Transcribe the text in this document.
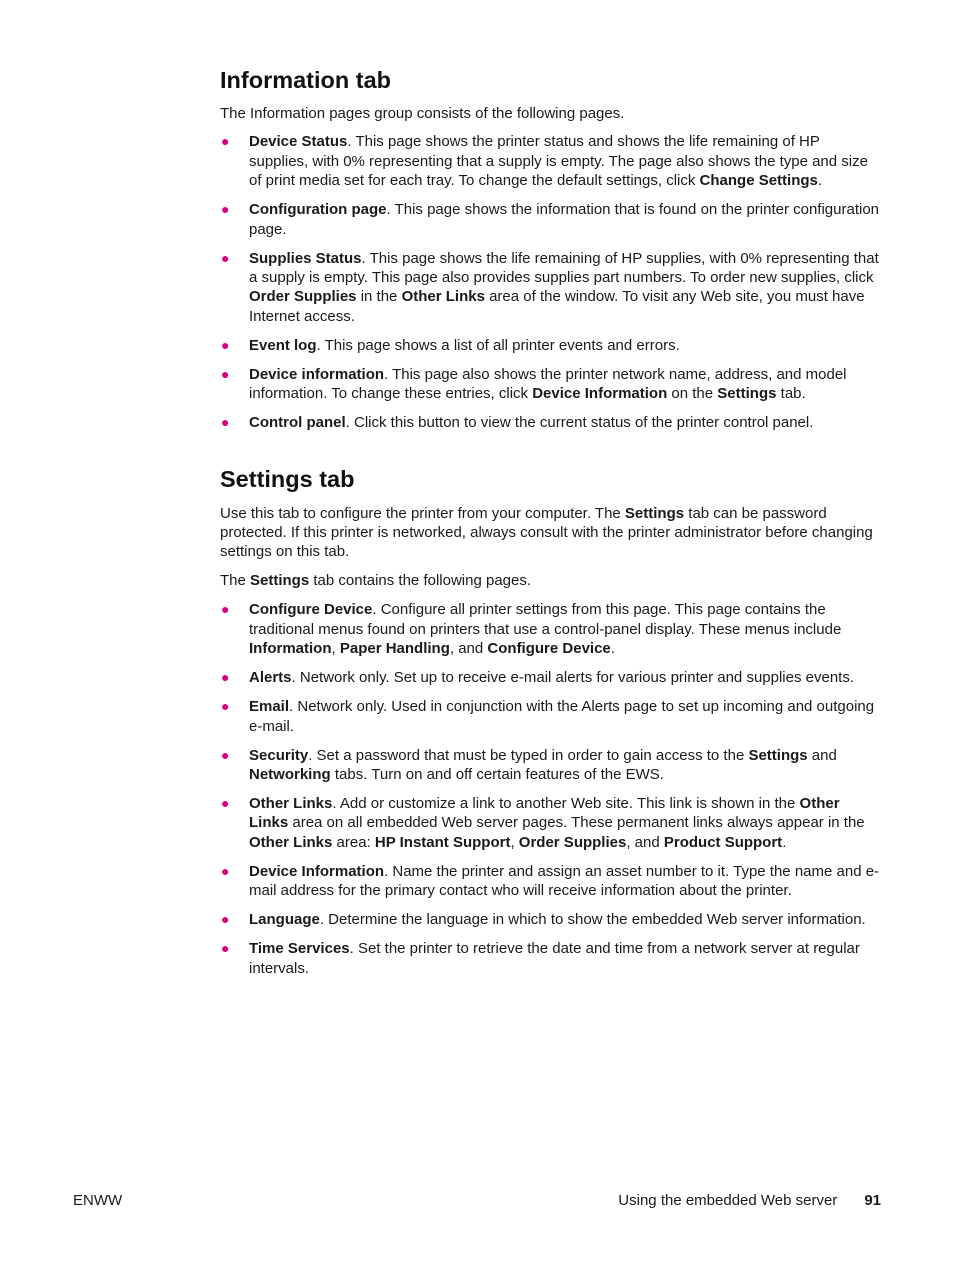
Information tab

The Information pages group consists of the following pages.

● Device Status. This page shows the printer status and shows the life remaining of HP supplies, with 0% representing that a supply is empty. The page also shows the type and size of print media set for each tray. To change the default settings, click Change Settings.
● Configuration page. This page shows the information that is found on the printer configuration page.
● Supplies Status. This page shows the life remaining of HP supplies, with 0% representing that a supply is empty. This page also provides supplies part numbers. To order new supplies, click Order Supplies in the Other Links area of the window. To visit any Web site, you must have Internet access.
● Event log. This page shows a list of all printer events and errors.
● Device information. This page also shows the printer network name, address, and model information. To change these entries, click Device Information on the Settings tab.
● Control panel. Click this button to view the current status of the printer control panel.
Settings tab

Use this tab to configure the printer from your computer. The Settings tab can be password protected. If this printer is networked, always consult with the printer administrator before changing settings on this tab.

The Settings tab contains the following pages.

● Configure Device. Configure all printer settings from this page. This page contains the traditional menus found on printers that use a control-panel display. These menus include Information, Paper Handling, and Configure Device.
● Alerts. Network only. Set up to receive e-mail alerts for various printer and supplies events.
● Email. Network only. Used in conjunction with the Alerts page to set up incoming and outgoing e-mail.
● Security. Set a password that must be typed in order to gain access to the Settings and Networking tabs. Turn on and off certain features of the EWS.
● Other Links. Add or customize a link to another Web site. This link is shown in the Other Links area on all embedded Web server pages. These permanent links always appear in the Other Links area: HP Instant Support, Order Supplies, and Product Support.
● Device Information. Name the printer and assign an asset number to it. Type the name and e-mail address for the primary contact who will receive information about the printer.
● Language. Determine the language in which to show the embedded Web server information.
● Time Services. Set the printer to retrieve the date and time from a network server at regular intervals.
ENWW	Using the embedded Web server 91
